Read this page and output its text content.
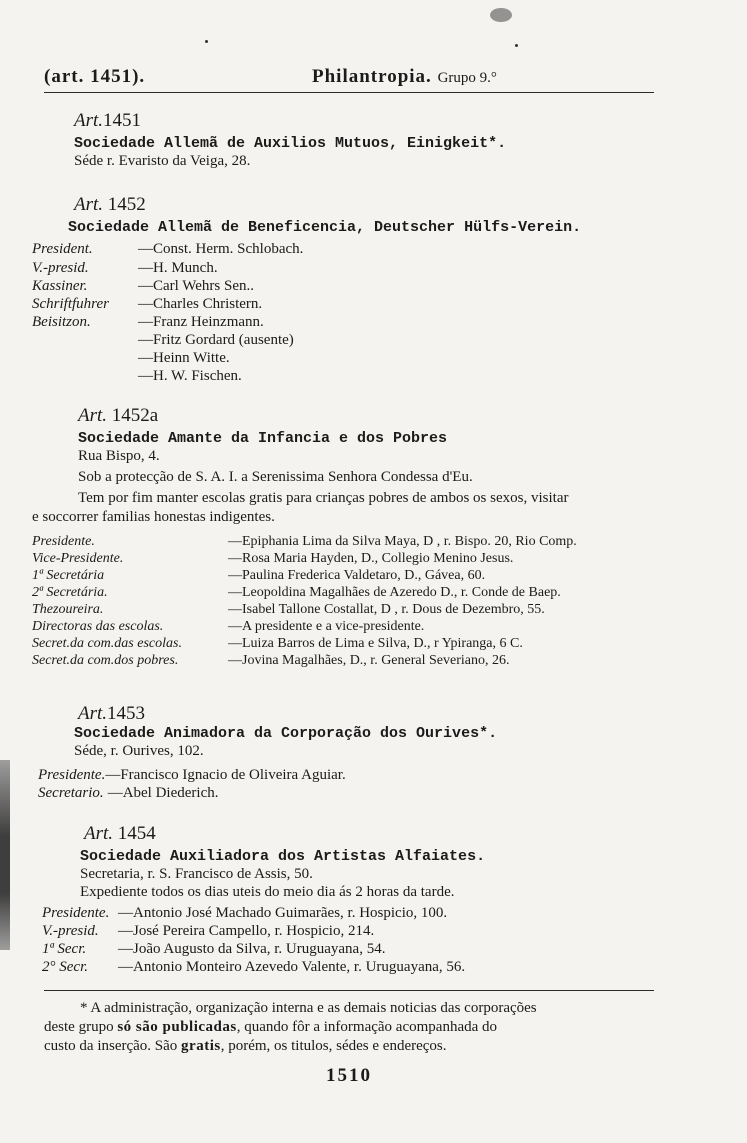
(art. 1451).	Philantropia. Grupo 9.°
Art.1451
Sociedade Allemã de Auxilios Mutuos, Einigkeit*.
Séde r. Evaristo da Veiga, 28.
Art. 1452
Sociedade Allemã de Beneficencia, Deutscher Hülfs-Verein.
President.
V.-presid.
Kassiner.
Schriftfuhrer
Beisitzon.
—Const. Herm. Schlobach.
—H. Munch.
—Carl Wehrs Sen..
—Charles Christern.
—Franz Heinzmann.
—Fritz Gordard (ausente)
—Heinn Witte.
—H. W. Fischen.
Art. 1452a
Sociedade Amante da Infancia e dos Pobres
Rua Bispo, 4.
Sob a protecção de S. A. I. a Serenissima Senhora Condessa d'Eu.
Tem por fim manter escolas gratis para crianças pobres de ambos os sexos, visitar
e soccorrer familias honestas indigentes.
Presidente.
Vice-Presidente.
1ª Secretária
2ª Secretária.
Thezoureira.
Directoras das escolas.
Secret.da com.das escolas.
Secret.da com.dos pobres.
—Epiphania Lima da Silva Maya, D , r. Bispo. 20, Rio Comp.
—Rosa Maria Hayden, D., Collegio Menino Jesus.
—Paulina Frederica Valdetaro, D., Gávea, 60.
—Leopoldina Magalhães de Azeredo D., r. Conde de Baep.
—Isabel Tallone Costallat, D , r. Dous de Dezembro, 55.
—A presidente e a vice-presidente.
—Luiza Barros de Lima e Silva, D., r Ypiranga, 6 C.
—Jovina Magalhães, D., r. General Severiano, 26.
Art.1453
Sociedade Animadora da Corporação dos Ourives*.
Séde, r. Ourives, 102.
Presidente.—Francisco Ignacio de Oliveira Aguiar.
Secretario. —Abel Diederich.
Art. 1454
Sociedade Auxiliadora dos Artistas Alfaiates.
Secretaria, r. S. Francisco de Assis, 50.
Expediente todos os dias uteis do meio dia ás 2 horas da tarde.
Presidente.
V.-presid.
1ª Secr.
2° Secr.
—Antonio José Machado Guimarães, r. Hospicio, 100.
—José Pereira Campello, r. Hospicio, 214.
—João Augusto da Silva, r. Uruguayana, 54.
—Antonio Monteiro Azevedo Valente, r. Uruguayana, 56.
* A administração, organização interna e as demais noticias das corporações
deste grupo só são publicadas, quando fôr a informação acompanhada do
custo da inserção. São gratis, porém, os titulos, sédes e endereços.
1510
